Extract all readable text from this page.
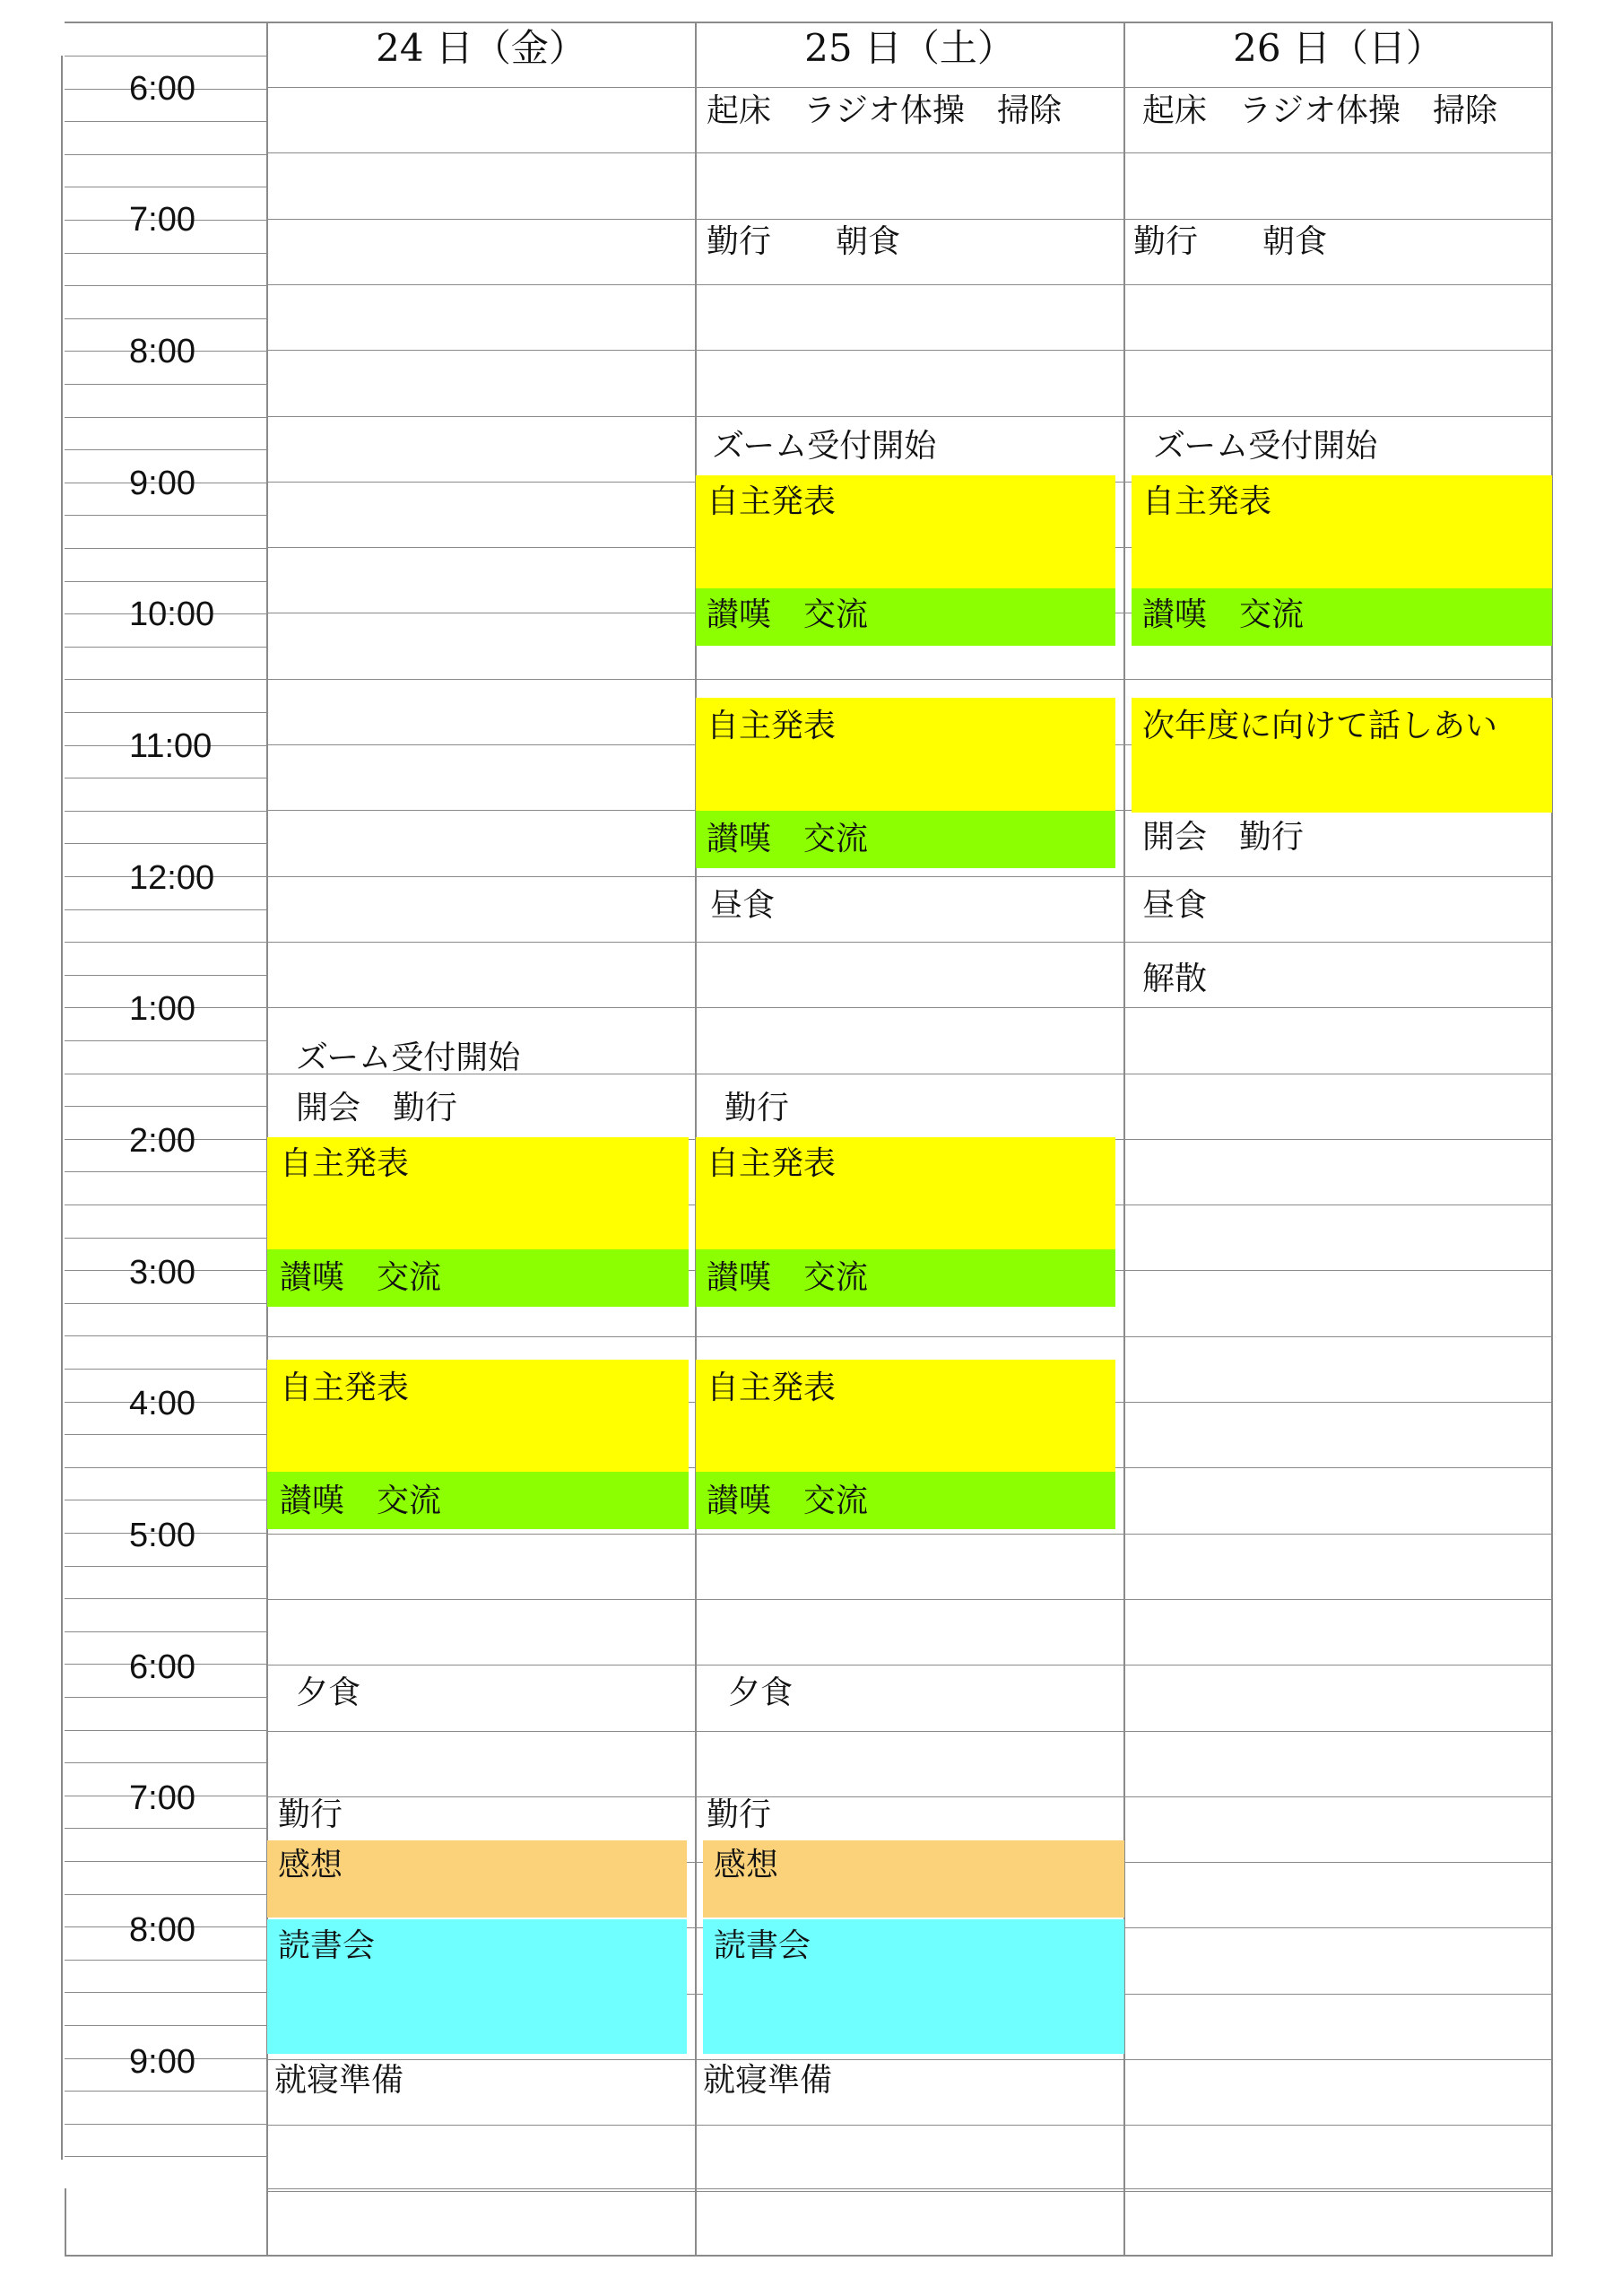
24 日（金）	25 日（土）	26 日（日）
6:00
7:00
8:00
9:00
10:00
11:00
12:00
1:00
2:00
3:00
4:00
5:00
6:00
7:00
8:00
9:00
ズーム受付開始
開会　勤行
自主発表
讃嘆　交流
自主発表
讃嘆　交流
夕食
勤行
感想
読書会
就寝準備
起床　ラジオ体操　掃除
勤行　　朝食
ズーム受付開始
自主発表
讃嘆　交流
自主発表
讃嘆　交流
昼食
勤行
自主発表
讃嘆　交流
自主発表
讃嘆　交流
夕食
勤行
感想
読書会
就寝準備
起床　ラジオ体操　掃除
勤行　　朝食
ズーム受付開始
自主発表
讃嘆　交流
次年度に向けて話しあい
開会　勤行
昼食
解散
